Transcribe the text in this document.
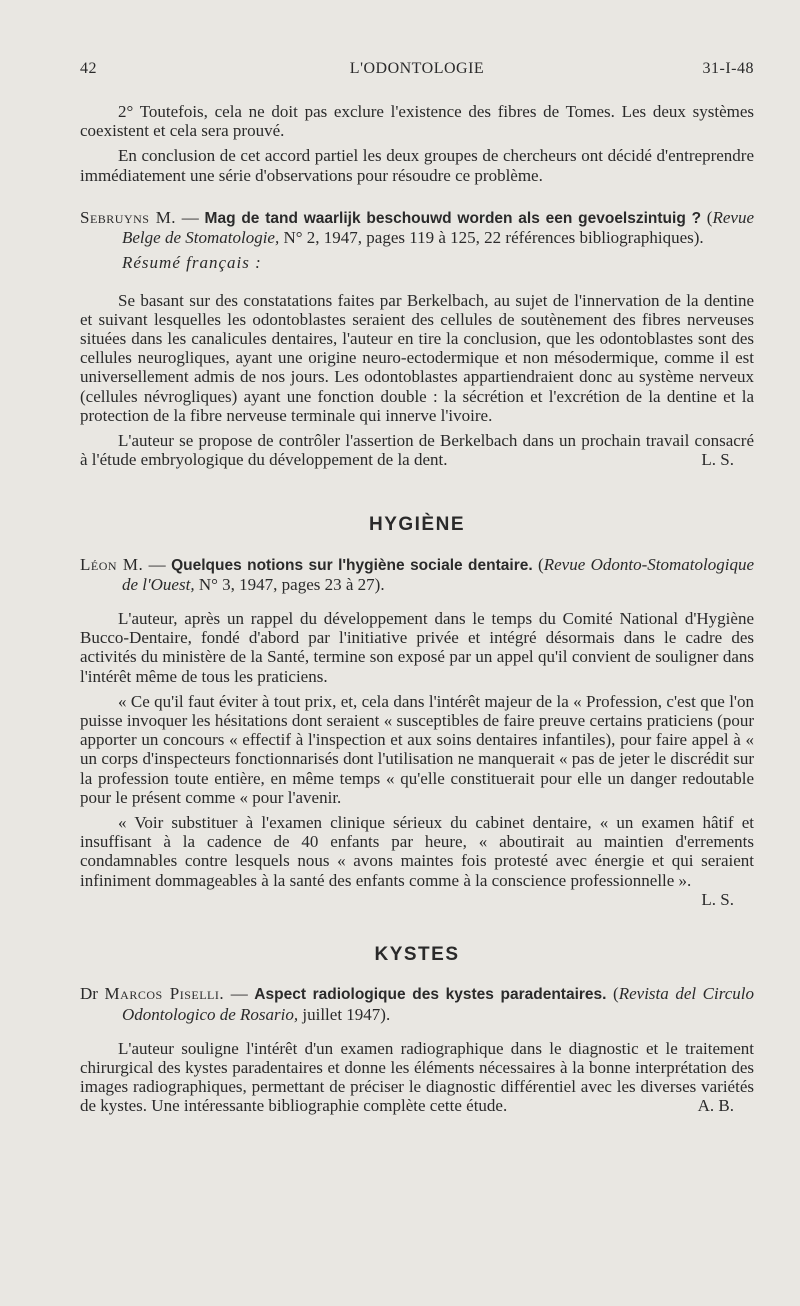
42	L'ODONTOLOGIE	31-I-48

2° Toutefois, cela ne doit pas exclure l'existence des fibres de Tomes. Les deux systèmes coexistent et cela sera prouvé.

En conclusion de cet accord partiel les deux groupes de chercheurs ont décidé d'entreprendre immédiatement une série d'observations pour résoudre ce problème.

Sebruyns M. — Mag de tand waarlijk beschouwd worden als een gevoelszintuig ? (Revue Belge de Stomatologie, N° 2, 1947, pages 119 à 125, 22 références bibliographiques).

Résumé français :

Se basant sur des constatations faites par Berkelbach, au sujet de l'innervation de la dentine et suivant lesquelles les odontoblastes seraient des cellules de soutènement des fibres nerveuses situées dans les canalicules dentaires, l'auteur en tire la conclusion, que les odontoblastes sont des cellules neurogliques, ayant une origine neuro-ectodermique et non mésodermique, comme il est universellement admis de nos jours. Les odontoblastes appartiendraient donc au système nerveux (cellules névrogliques) ayant une fonction double : la sécrétion et l'excrétion de la dentine et la protection de la fibre nerveuse terminale qui innerve l'ivoire.

L'auteur se propose de contrôler l'assertion de Berkelbach dans un prochain travail consacré à l'étude embryologique du développement de la dent.	L. S.

HYGIÈNE

Léon M. — Quelques notions sur l'hygiène sociale dentaire. (Revue Odonto-Stomatologique de l'Ouest, N° 3, 1947, pages 23 à 27).

L'auteur, après un rappel du développement dans le temps du Comité National d'Hygiène Bucco-Dentaire, fondé d'abord par l'initiative privée et intégré désormais dans le cadre des activités du ministère de la Santé, termine son exposé par un appel qu'il convient de souligner dans l'intérêt même de tous les praticiens.

« Ce qu'il faut éviter à tout prix, et, cela dans l'intérêt majeur de la « Profession, c'est que l'on puisse invoquer les hésitations dont seraient « susceptibles de faire preuve certains praticiens (pour apporter un concours « effectif à l'inspection et aux soins dentaires infantiles), pour faire appel à « un corps d'inspecteurs fonctionnarisés dont l'utilisation ne manquerait « pas de jeter le discrédit sur la profession toute entière, en même temps « qu'elle constituerait pour elle un danger redoutable pour le présent comme « pour l'avenir.

« Voir substituer à l'examen clinique sérieux du cabinet dentaire, « un examen hâtif et insuffisant à la cadence de 40 enfants par heure, « aboutirait au maintien d'errements condamnables contre lesquels nous « avons maintes fois protesté avec énergie et qui seraient infiniment dommageables à la santé des enfants comme à la conscience professionnelle ».

L. S.

KYSTES

Dr Marcos Piselli. — Aspect radiologique des kystes paradentaires. (Revista del Circulo Odontologico de Rosario, juillet 1947).

L'auteur souligne l'intérêt d'un examen radiographique dans le diagnostic et le traitement chirurgical des kystes paradentaires et donne les éléments nécessaires à la bonne interprétation des images radiographiques, permettant de préciser le diagnostic différentiel avec les diverses variétés de kystes. Une intéressante bibliographie complète cette étude.	A. B.
